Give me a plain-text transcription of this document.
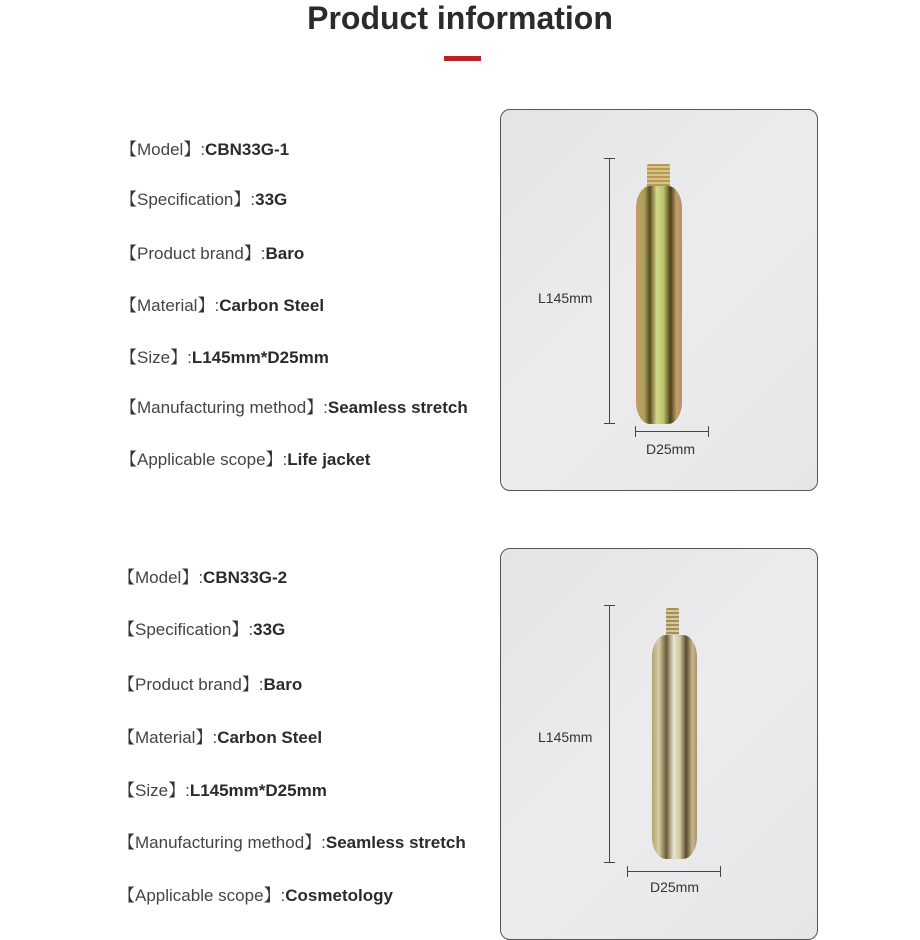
Product information
【Model】:CBN33G-1
【Specification】:33G
【Product brand】:Baro
【Material】:Carbon Steel
【Size】:L145mm*D25mm
【Manufacturing method】:Seamless stretch
【Applicable scope】:Life jacket
L145mm
D25mm
【Model】:CBN33G-2
【Specification】:33G
【Product brand】:Baro
【Material】:Carbon Steel
【Size】:L145mm*D25mm
【Manufacturing method】:Seamless stretch
【Applicable scope】:Cosmetology
L145mm
D25mm
